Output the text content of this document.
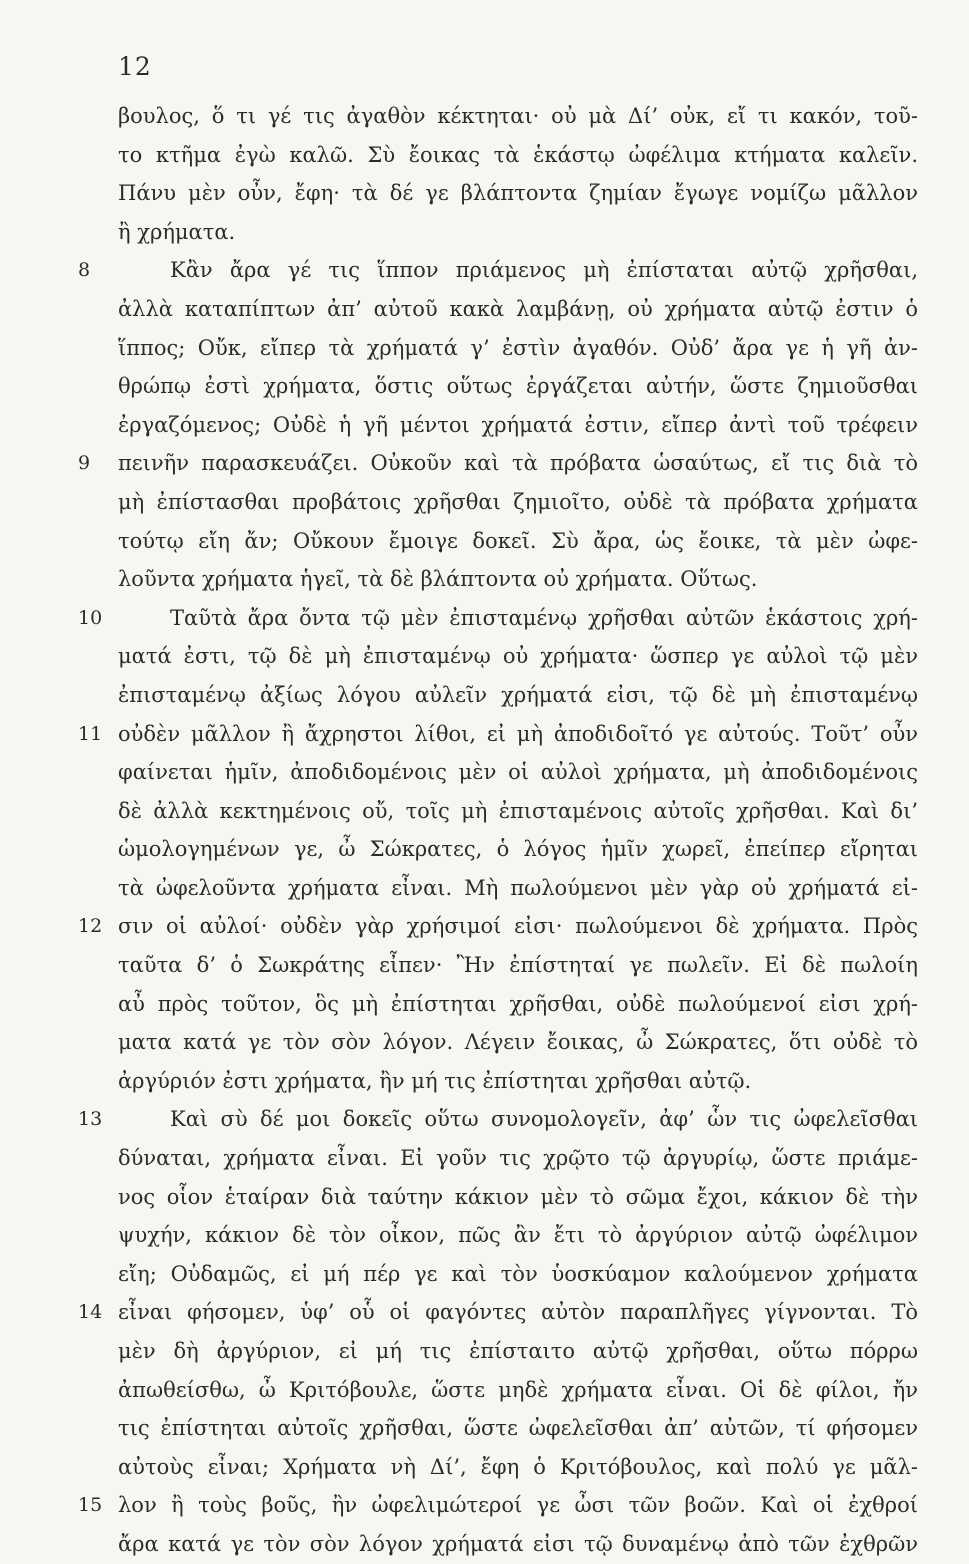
12
βουλος, ὅ τι γέ τις ἀγαθὸν κέκτηται· οὐ μὰ Δί’ οὐκ, εἴ τι κακόν, τοῦ-
το κτῆμα ἐγὼ καλῶ. Σὺ ἔοικας τὰ ἑκάστῳ ὠφέλιμα κτήματα καλεῖν.
Πάνυ μὲν οὖν, ἔφη· τὰ δέ γε βλάπτοντα ζημίαν ἔγωγε νομίζω μᾶλλον
ἢ χρήματα.
8	Κἂν ἄρα γέ τις ἵππον πριάμενος μὴ ἐπίσταται αὐτῷ χρῆσθαι,
ἀλλὰ καταπίπτων ἀπ’ αὐτοῦ κακὰ λαμβάνῃ, οὐ χρήματα αὐτῷ ἐστιν ὁ
ἵππος; Οὔκ, εἴπερ τὰ χρήματά γ’ ἐστὶν ἀγαθόν. Οὐδ’ ἄρα γε ἡ γῆ ἀν-
θρώπῳ ἐστὶ χρήματα, ὅστις οὕτως ἐργάζεται αὐτήν, ὥστε ζημιοῦσθαι
ἐργαζόμενος; Οὐδὲ ἡ γῆ μέντοι χρήματά ἐστιν, εἴπερ ἀντὶ τοῦ τρέφειν
9	πεινῆν παρασκευάζει. Οὐκοῦν καὶ τὰ πρόβατα ὡσαύτως, εἴ τις διὰ τὸ
μὴ ἐπίστασθαι προβάτοις χρῆσθαι ζημιοῖτο, οὐδὲ τὰ πρόβατα χρήματα
τούτῳ εἴη ἄν; Οὔκουν ἔμοιγε δοκεῖ. Σὺ ἄρα, ὡς ἔοικε, τὰ μὲν ὠφε-
λοῦντα χρήματα ἡγεῖ, τὰ δὲ βλάπτοντα οὐ χρήματα. Οὕτως.
10	Ταῦτὰ ἄρα ὄντα τῷ μὲν ἐπισταμένῳ χρῆσθαι αὐτῶν ἑκάστοις χρή-
ματά ἐστι, τῷ δὲ μὴ ἐπισταμένῳ οὐ χρήματα· ὥσπερ γε αὐλοὶ τῷ μὲν
ἐπισταμένῳ ἀξίως λόγου αὐλεῖν χρήματά εἰσι, τῷ δὲ μὴ ἐπισταμένῳ
11 οὐδὲν μᾶλλον ἢ ἄχρηστοι λίθοι, εἰ μὴ ἀποδιδοῖτό γε αὐτούς. Τοῦτ’ οὖν
φαίνεται ἡμῖν, ἀποδιδομένοις μὲν οἱ αὐλοὶ χρήματα, μὴ ἀποδιδομένοις
δὲ ἀλλὰ κεκτημένοις οὔ, τοῖς μὴ ἐπισταμένοις αὐτοῖς χρῆσθαι. Καὶ δι’
ὡμολογημένων γε, ὦ Σώκρατες, ὁ λόγος ἡμῖν χωρεῖ, ἐπείπερ εἴρηται
τὰ ὠφελοῦντα χρήματα εἶναι. Μὴ πωλούμενοι μὲν γὰρ οὐ χρήματά εἰ-
12 σιν οἱ αὐλοί· οὐδὲν γὰρ χρήσιμοί εἰσι· πωλούμενοι δὲ χρήματα. Πρὸς
ταῦτα δ’ ὁ Σωκράτης εἶπεν· Ἢν ἐπίστηταί γε πωλεῖν. Εἰ δὲ πωλοίη
αὖ πρὸς τοῦτον, ὃς μὴ ἐπίστηται χρῆσθαι, οὐδὲ πωλούμενοί εἰσι χρή-
ματα κατά γε τὸν σὸν λόγον. Λέγειν ἔοικας, ὦ Σώκρατες, ὅτι οὐδὲ τὸ
ἀργύριόν ἐστι χρήματα, ἢν μή τις ἐπίστηται χρῆσθαι αὐτῷ.
13	Καὶ σὺ δέ μοι δοκεῖς οὕτω συνομολογεῖν, ἀφ’ ὧν τις ὠφελεῖσθαι
δύναται, χρήματα εἶναι. Εἰ γοῦν τις χρῷτο τῷ ἀργυρίῳ, ὥστε πριάμε-
νος οἷον ἑταίραν διὰ ταύτην κάκιον μὲν τὸ σῶμα ἔχοι, κάκιον δὲ τὴν
ψυχήν, κάκιον δὲ τὸν οἶκον, πῶς ἂν ἔτι τὸ ἀργύριον αὐτῷ ὠφέλιμον
εἴη; Οὐδαμῶς, εἰ μή πέρ γε καὶ τὸν ὑοσκύαμον καλούμενον χρήματα
14 εἶναι φήσομεν, ὑφ’ οὗ οἱ φαγόντες αὐτὸν παραπλῆγες γίγνονται. Τὸ
μὲν δὴ ἀργύριον, εἰ μή τις ἐπίσταιτο αὐτῷ χρῆσθαι, οὕτω πόρρω
ἀπωθείσθω, ὦ Κριτόβουλε, ὥστε μηδὲ χρήματα εἶναι. Οἱ δὲ φίλοι, ἤν
τις ἐπίστηται αὐτοῖς χρῆσθαι, ὥστε ὠφελεῖσθαι ἀπ’ αὐτῶν, τί φήσομεν
αὐτοὺς εἶναι; Χρήματα νὴ Δί’, ἔφη ὁ Κριτόβουλος, καὶ πολύ γε μᾶλ-
15 λον ἢ τοὺς βοῦς, ἢν ὠφελιμώτεροί γε ὦσι τῶν βοῶν. Καὶ οἱ ἐχθροί
ἄρα κατά γε τὸν σὸν λόγον χρήματά εἰσι τῷ δυναμένῳ ἀπὸ τῶν ἐχθρῶν
